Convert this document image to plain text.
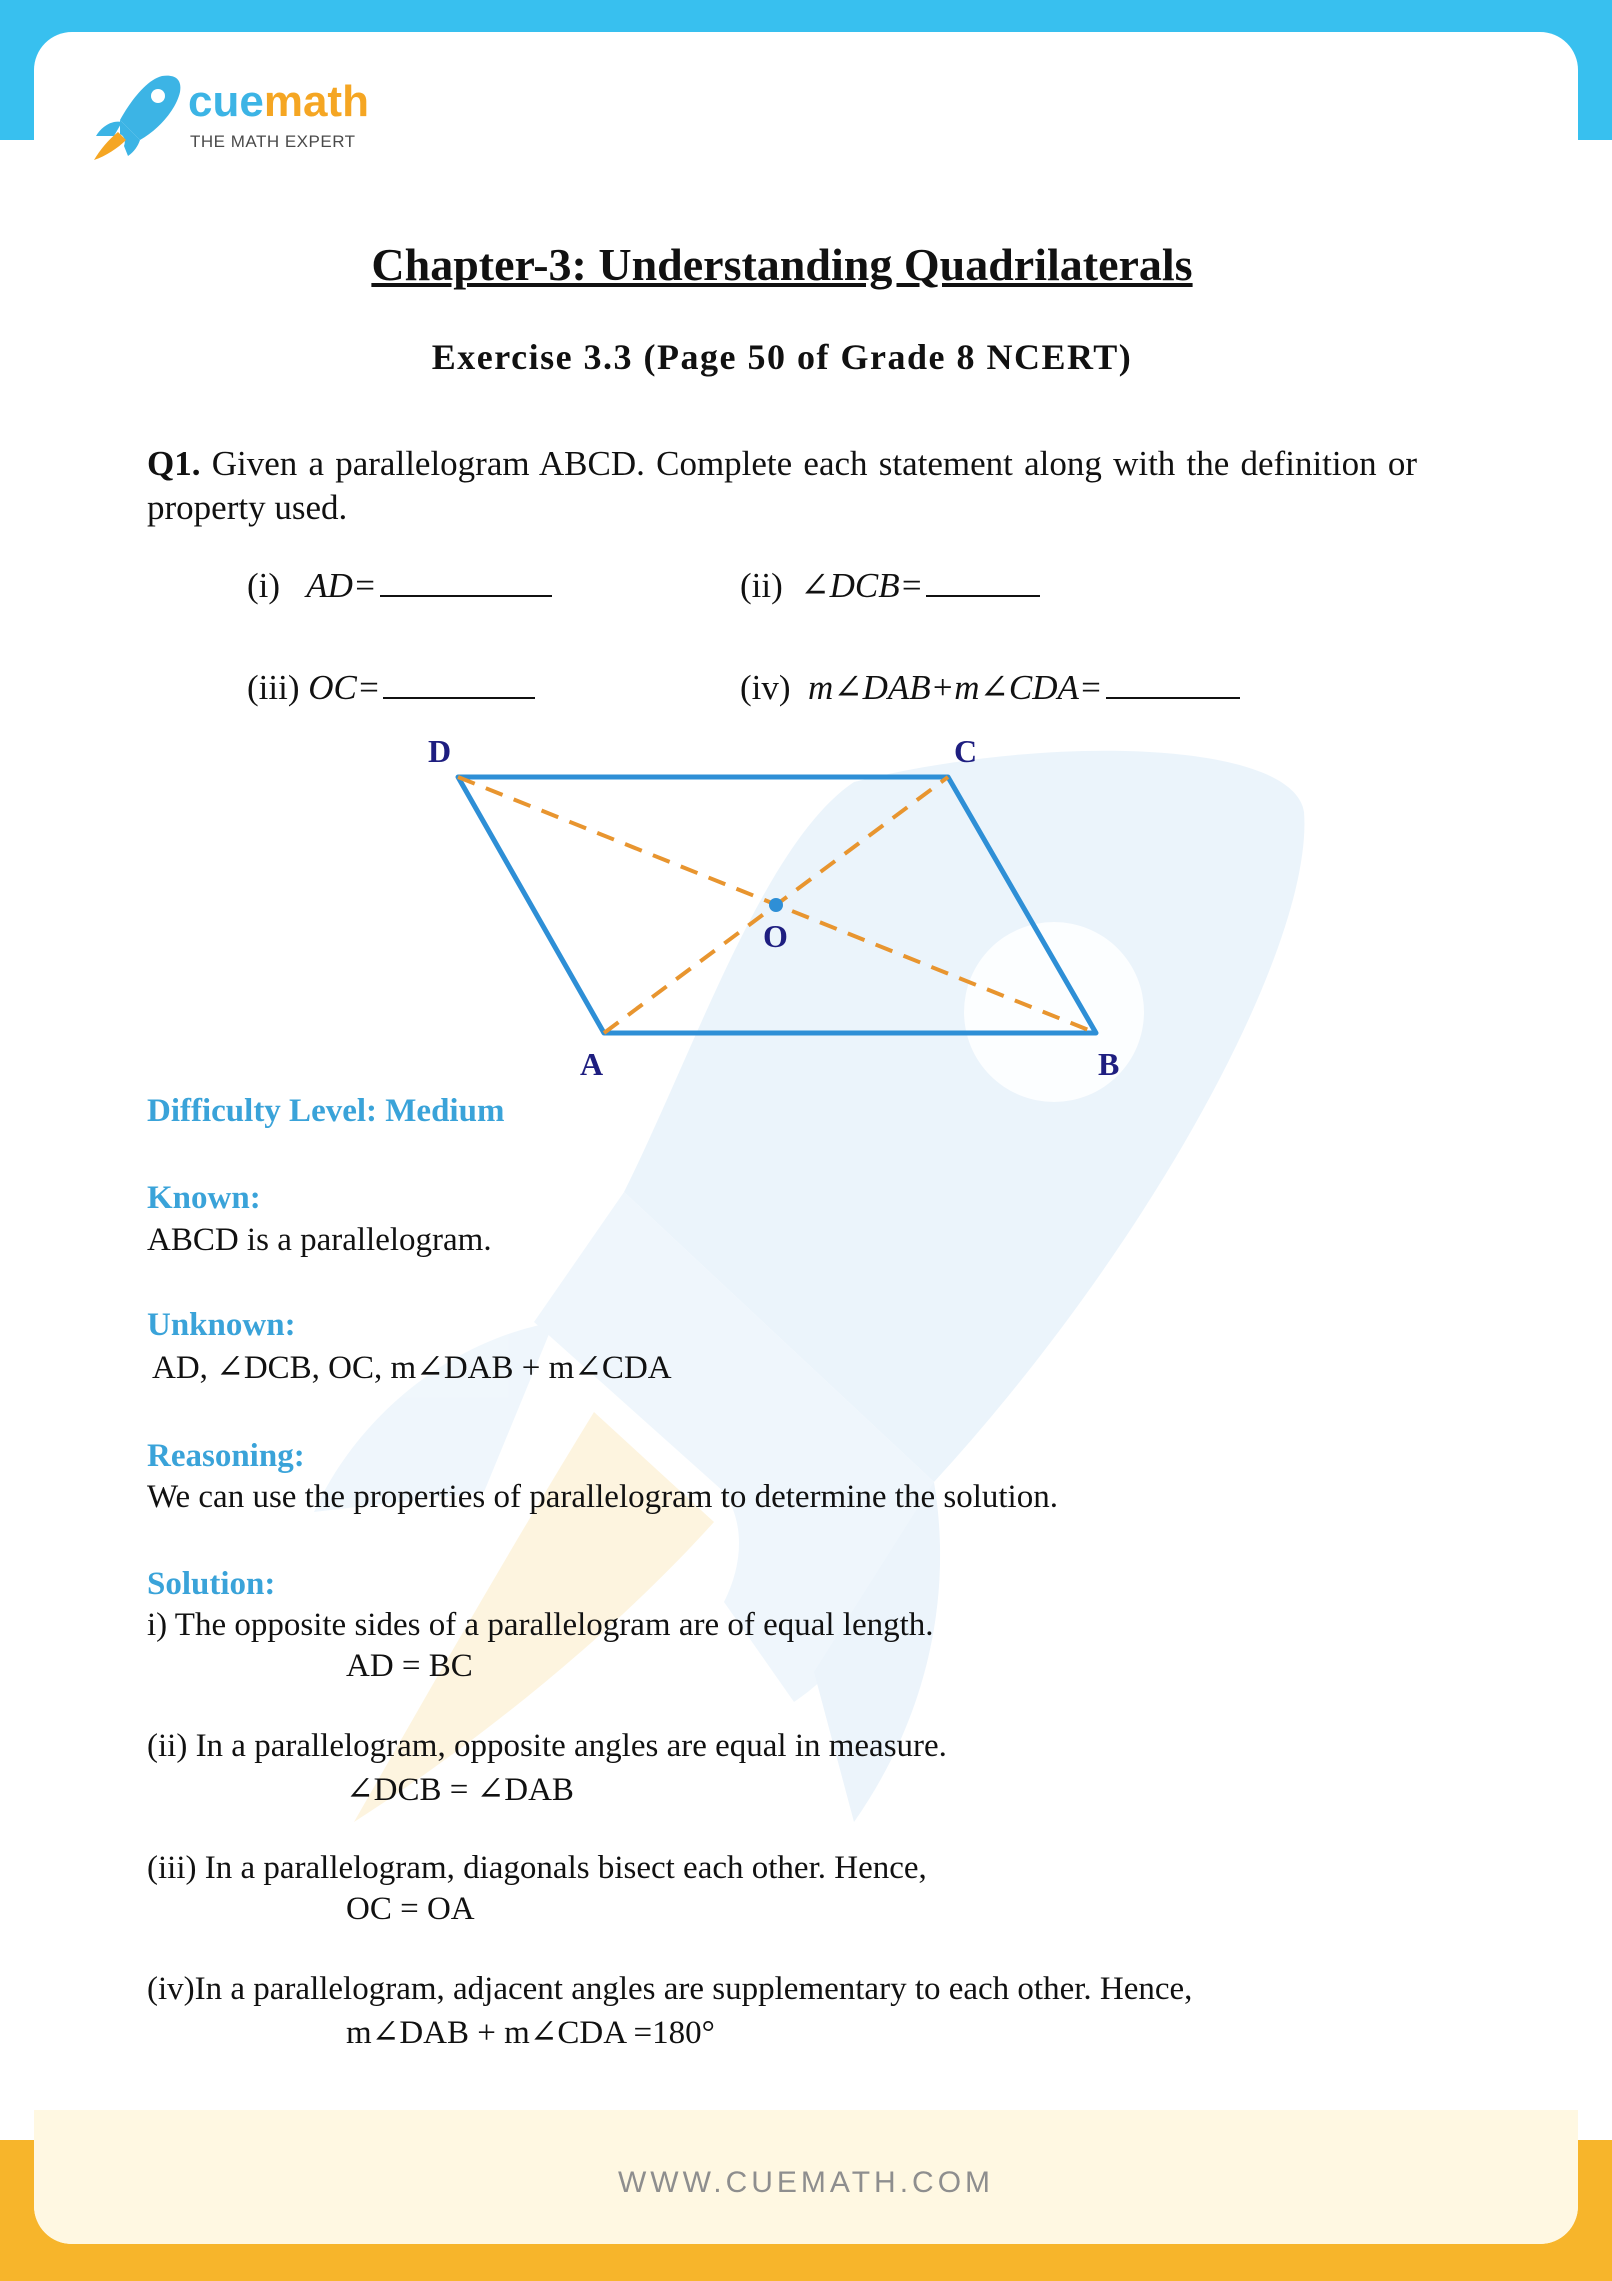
WWW.CUEMATH.COM
cuemath
THE MATH EXPERT
Chapter-3: Understanding Quadrilaterals
Exercise 3.3 (Page 50 of Grade 8 NCERT)
Q1. Given a parallelogram ABCD. Complete each statement along with the definition or property used.
(i) AD=	(ii) ∠DCB=
(iii) OC=	(iv) m∠DAB+m∠CDA=
D	C
O
A	B
Difficulty Level: Medium
Known:
ABCD is a parallelogram.
Unknown:
AD, ∠DCB, OC, m∠DAB + m∠CDA
Reasoning:
We can use the properties of parallelogram to determine the solution.
Solution:
i) The opposite sides of a parallelogram are of equal length.
AD = BC
(ii) In a parallelogram, opposite angles are equal in measure.
∠DCB = ∠DAB
(iii) In a parallelogram, diagonals bisect each other. Hence,
OC = OA
(iv)In a parallelogram, adjacent angles are supplementary to each other. Hence,
m∠DAB + m∠CDA =180°
